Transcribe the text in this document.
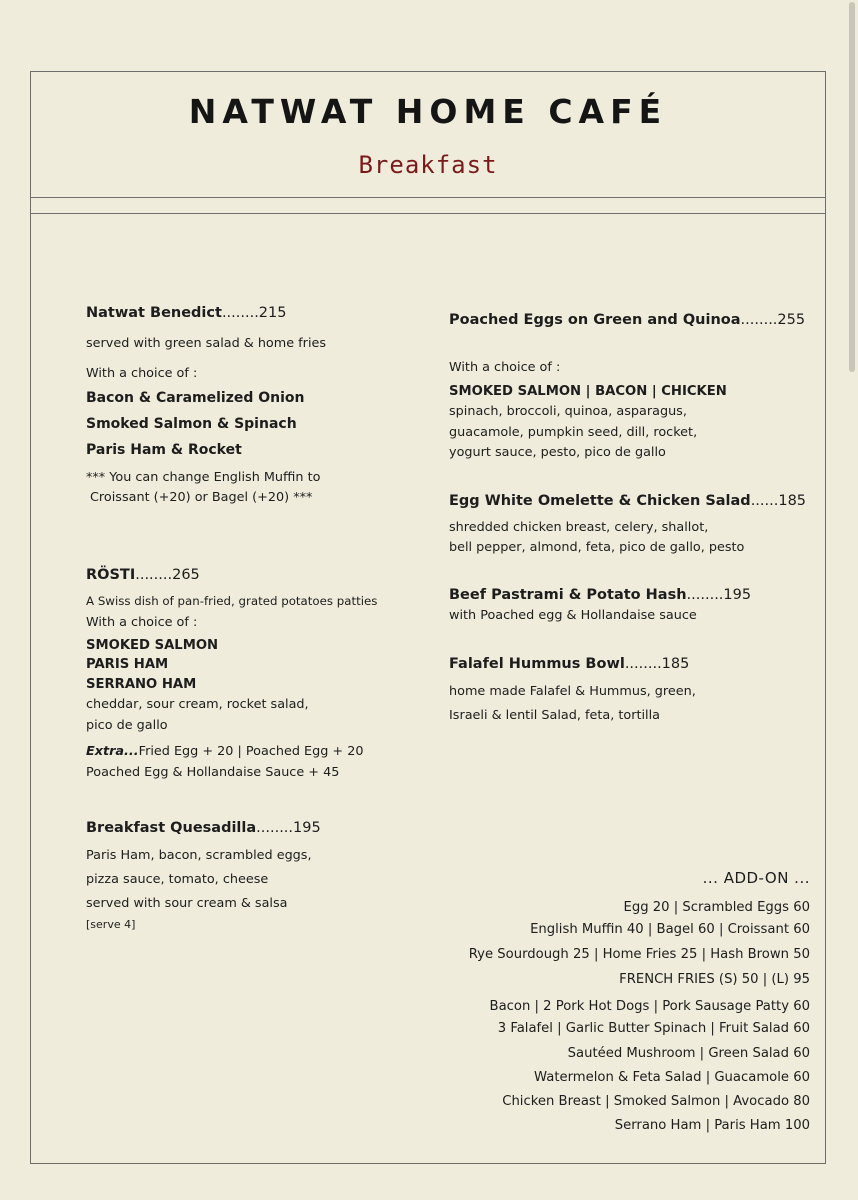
NATWAT HOME CAFÉ
Breakfast
Natwat Benedict........215
served with green salad & home fries
With a choice of :
Bacon & Caramelized Onion
Smoked Salmon & Spinach
Paris Ham & Rocket
*** You can change English Muffin to
Croissant (+20) or Bagel (+20) ***
RÖSTI........265
A Swiss dish of pan-fried, grated potatoes patties
With a choice of :
SMOKED SALMON
PARIS HAM
SERRANO HAM
cheddar, sour cream, rocket salad,
pico de gallo
Extra...Fried Egg + 20 | Poached Egg + 20
Poached Egg & Hollandaise Sauce + 45
Breakfast Quesadilla........195
Paris Ham, bacon, scrambled eggs,
pizza sauce, tomato, cheese
served with sour cream & salsa
[serve 4]
Poached Eggs on Green and Quinoa........255
With a choice of :
SMOKED SALMON | BACON | CHICKEN
spinach, broccoli, quinoa, asparagus,
guacamole, pumpkin seed, dill, rocket,
yogurt sauce, pesto, pico de gallo
Egg White Omelette & Chicken Salad......185
shredded chicken breast, celery, shallot,
bell pepper, almond, feta, pico de gallo, pesto
Beef Pastrami & Potato Hash........195
with Poached egg & Hollandaise sauce
Falafel Hummus Bowl........185
home made Falafel & Hummus, green,
Israeli & lentil Salad, feta, tortilla
... ADD-ON ...
Egg 20 | Scrambled Eggs 60
English Muffin 40 | Bagel 60 | Croissant 60
Rye Sourdough 25 | Home Fries 25 | Hash Brown 50
FRENCH FRIES (S) 50 | (L) 95
Bacon | 2 Pork Hot Dogs | Pork Sausage Patty 60
3 Falafel | Garlic Butter Spinach | Fruit Salad 60
Sautéed Mushroom | Green Salad 60
Watermelon & Feta Salad | Guacamole 60
Chicken Breast | Smoked Salmon | Avocado 80
Serrano Ham | Paris Ham 100
